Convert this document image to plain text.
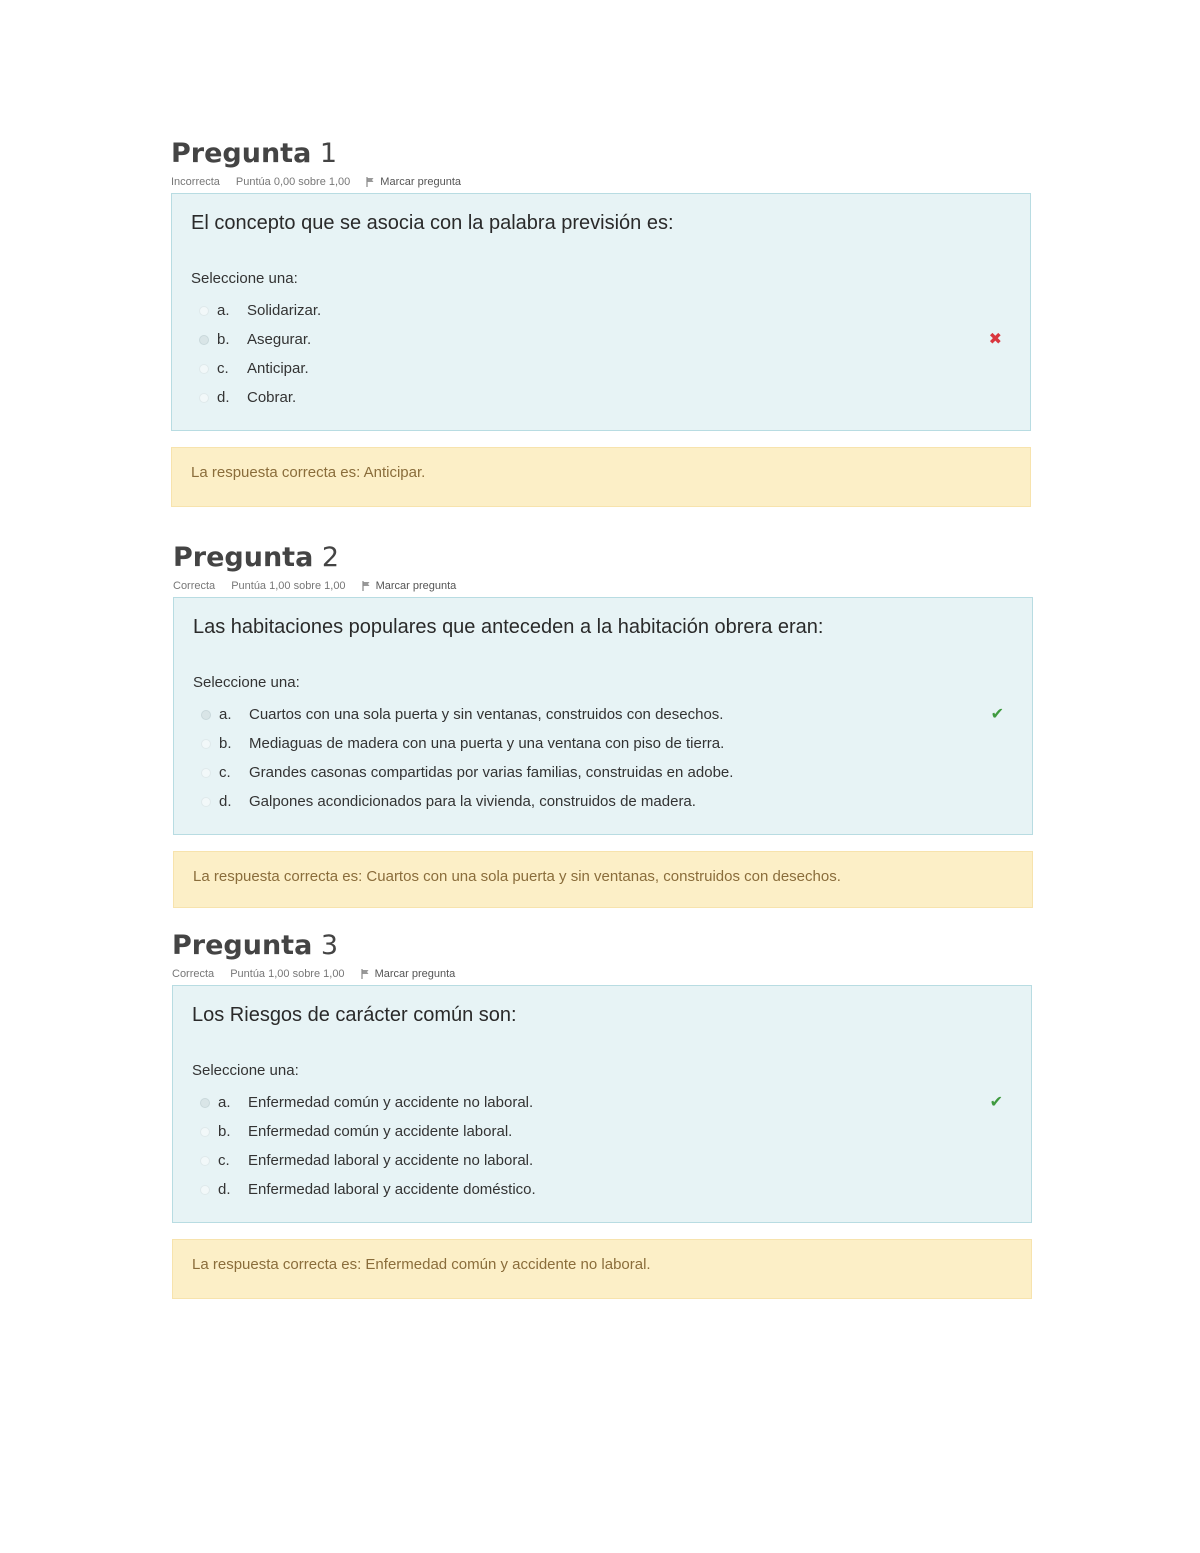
Pregunta 1
Incorrecta Puntúa 0,00 sobre 1,00	Marcar pregunta

El concepto que se asocia con la palabra previsión es:

Seleccione una:

a.	Solidarizar.
b.	Asegurar.
c.	Anticipar.
d.	Cobrar.
✖
La respuesta correcta es: Anticipar.
Pregunta 2
Correcta Puntúa 1,00 sobre 1,00	Marcar pregunta

Las habitaciones populares que anteceden a la habitación obrera eran:

Seleccione una:

a.	Cuartos con una sola puerta y sin ventanas, construidos con desechos.
b.	Mediaguas de madera con una puerta y una ventana con piso de tierra.
c.	Grandes casonas compartidas por varias familias, construidas en adobe.
d.	Galpones acondicionados para la vivienda, construidos de madera.
✔
La respuesta correcta es: Cuartos con una sola puerta y sin ventanas, construidos con desechos.
Pregunta 3
Correcta Puntúa 1,00 sobre 1,00	Marcar pregunta

Los Riesgos de carácter común son:

Seleccione una:

a.	Enfermedad común y accidente no laboral.
b.	Enfermedad común y accidente laboral.
c.	Enfermedad laboral y accidente no laboral.
d.	Enfermedad laboral y accidente doméstico.
✔
La respuesta correcta es: Enfermedad común y accidente no laboral.
